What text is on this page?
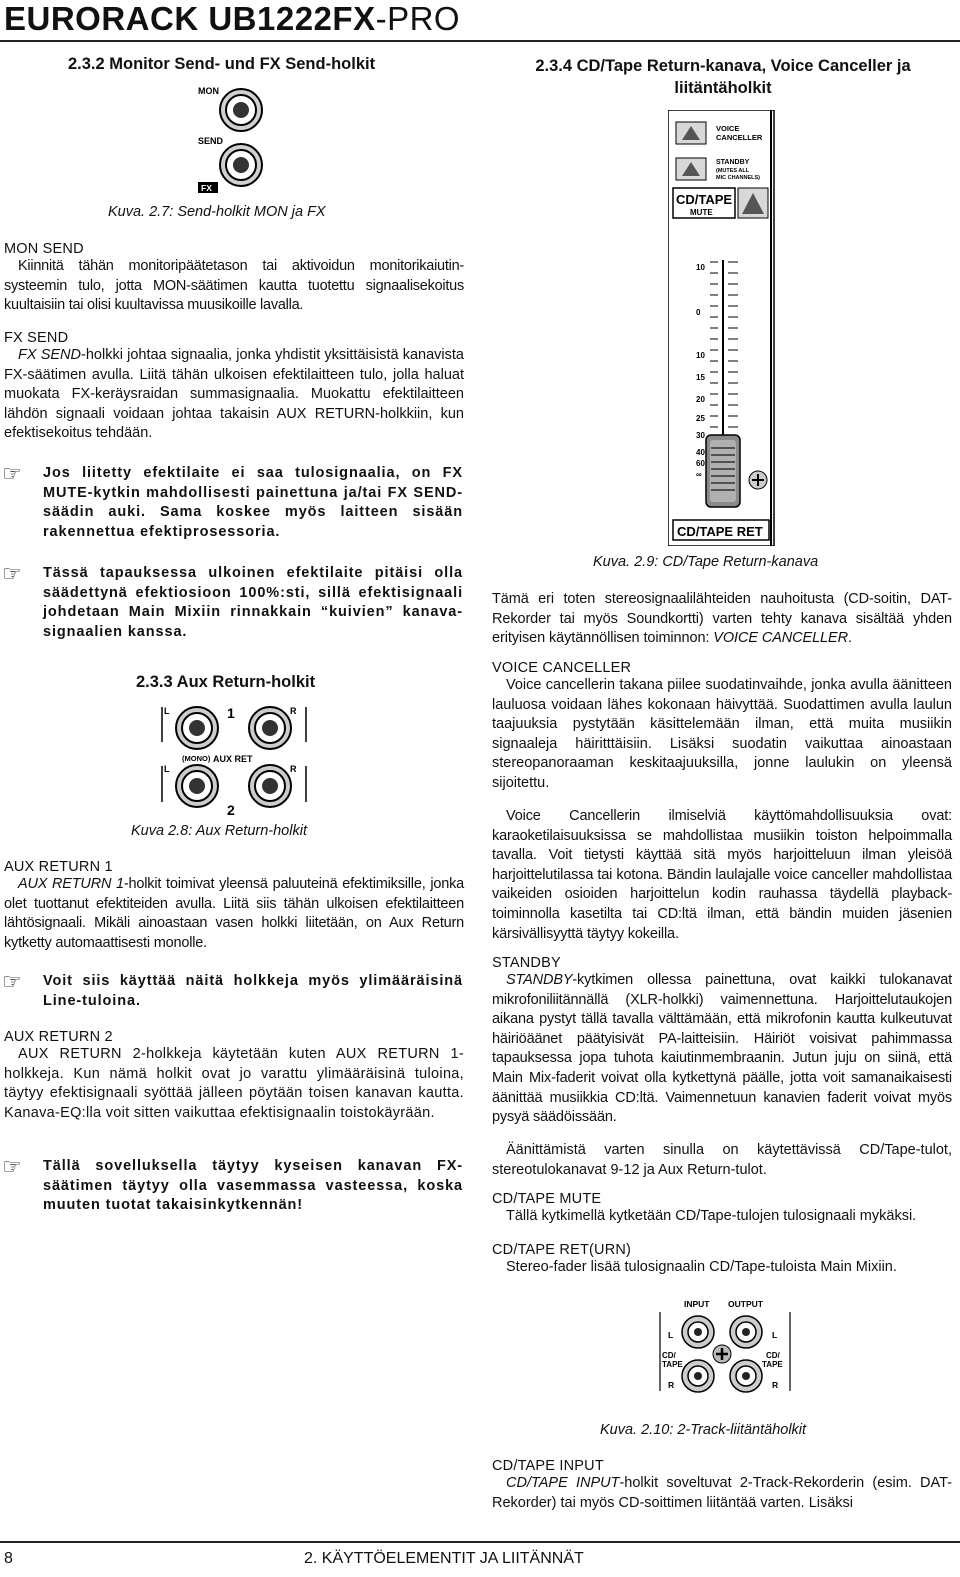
EURORACK UB1222FX-PRO
2.3.2 Monitor Send- und FX Send-holkit
MON
SEND
FX
Kuva. 2.7: Send-holkit MON ja FX
MON SEND
Kiinnitä tähän monitoripäätetason tai aktivoidun monitorikaiutin-systeemin tulo, jotta MON-säätimen kautta tuotettu signaalisekoitus kuultaisiin tai olisi kuultavissa muusikoille lavalla.
FX SEND
FX SEND-holkki johtaa signaalia, jonka yhdistit yksittäisistä kanavista FX-säätimen avulla. Liitä tähän ulkoisen efektilaitteen tulo, jolla haluat muokata FX-keräysraidan summasignaalia. Muokattu efektilaitteen lähdön signaali voidaan johtaa takaisin AUX RETURN-holkkiin, kun efektisekoitus tehdään.
☞ Jos liitetty efektilaite ei saa tulosignaalia, on FX MUTE-kytkin mahdollisesti painettuna ja/tai FX SEND-säädin auki. Sama koskee myös laitteen sisään rakennettua efektiprosessoria.
☞ Tässä tapauksessa ulkoinen efektilaite pitäisi olla säädettynä efektiosioon 100%:sti, sillä efektisignaali johdetaan Main Mixiin rinnakkain “kuivien” kanava-signaalien kanssa.
2.3.3 Aux Return-holkit
L	R
1
(MONO) AUX RET
L	R
2
Kuva 2.8: Aux Return-holkit
AUX RETURN 1
AUX RETURN 1-holkit toimivat yleensä paluuteinä efektimiksille, jonka olet tuottanut efektiteiden avulla. Liitä siis tähän ulkoisen efektilaitteen lähtösignaali. Mikäli ainoastaan vasen holkki liitetään, on Aux Return kytketty automaattisesti monolle.
☞ Voit siis käyttää näitä holkkeja myös ylimääräisinä Line-tuloina.
AUX RETURN 2
AUX RETURN 2-holkkeja käytetään kuten AUX RETURN 1-holkkeja. Kun nämä holkit ovat jo varattu ylimääräisinä tuloina, täytyy efektisignaali syöttää jälleen pöytään toisen kanavan kautta. Kanava-EQ:lla voit sitten vaikuttaa efektisignaalin toistokäyrään.
☞ Tällä sovelluksella täytyy kyseisen kanavan FX-säätimen täytyy olla vasemmassa vasteessa, koska muuten tuotat takaisinkytkennän!
2.3.4 CD/Tape Return-kanava, Voice Canceller ja liitäntäholkit
VOICE
CANCELLER
STANDBY
(MUTES ALL
MIC CHANNELS)
CD/TAPE
MUTE
10
0
10
15
20
25
30
40
60
∞
CD/TAPE RET
Kuva. 2.9: CD/Tape Return-kanava
Tämä eri toten stereosignaalilähteiden nauhoitusta (CD-soitin, DAT-Rekorder tai myös Soundkortti) varten tehty kanava sisältää yhden erityisen käytännöllisen toiminnon: VOICE CANCELLER.
VOICE CANCELLER
Voice cancellerin takana piilee suodatinvaihde, jonka avulla äänitteen lauluosa voidaan lähes kokonaan häivyttää. Suodattimen avulla laulun taajuuksia pystytään käsittelemään ilman, että muita musiikin signaaleja häiritttäisiin. Lisäksi suodatin vaikuttaa ainoastaan stereopanoraaman keskitaajuuksilla, jonne laulukin on yleensä sijoitettu.
Voice Cancellerin ilmiselviä käyttömahdollisuuksia ovat: karaoketilaisuuksissa se mahdollistaa musiikin toiston helpoimmalla tavalla. Voit tietysti käyttää sitä myös harjoitteluun ilman yleisöä harjoittelutilassa tai kotona. Bändin laulajalle voice canceller mahdollistaa vaikeiden osioiden harjoittelun kodin rauhassa täydellä playback-toiminnolla kasetilta tai CD:ltä ilman, että bändin muiden jäsenien kärsivällisyyttä täytyy kokeilla.
STANDBY
STANDBY-kytkimen ollessa painettuna, ovat kaikki tulokanavat mikrofoniliitännällä (XLR-holkki) vaimennettuna. Harjoittelutaukojen aikana pystyt tällä tavalla välttämään, että mikrofonin kautta kulkeutuvat häiriöäänet päätyisivät PA-laitteisiin. Häiriöt voisivat pahimmassa tapauksessa jopa tuhota kaiutinmembraanin. Jutun juju on siinä, että Main Mix-faderit voivat olla kytkettynä päälle, jotta voit samanaikaisesti äänittää musiikkia CD:ltä. Vaimennetuun kanavien faderit voivat myös pysyä säädöissään.
Äänittämistä varten sinulla on käytettävissä CD/Tape-tulot, stereotulokanavat 9-12 ja Aux Return-tulot.
CD/TAPE MUTE
Tällä kytkimellä kytketään CD/Tape-tulojen tulosignaali mykäksi.
CD/TAPE RET(URN)
Stereo-fader lisää tulosignaalin CD/Tape-tuloista Main Mixiin.
INPUT OUTPUT
L	L
CD/
TAPE
CD/
TAPE
R	R
Kuva. 2.10: 2-Track-liitäntäholkit
CD/TAPE INPUT
CD/TAPE INPUT-holkit soveltuvat 2-Track-Rekorderin (esim. DAT-Rekorder) tai myös CD-soittimen liitäntää varten. Lisäksi
8	2. KÄYTTÖELEMENTIT JA LIITÄNNÄT
